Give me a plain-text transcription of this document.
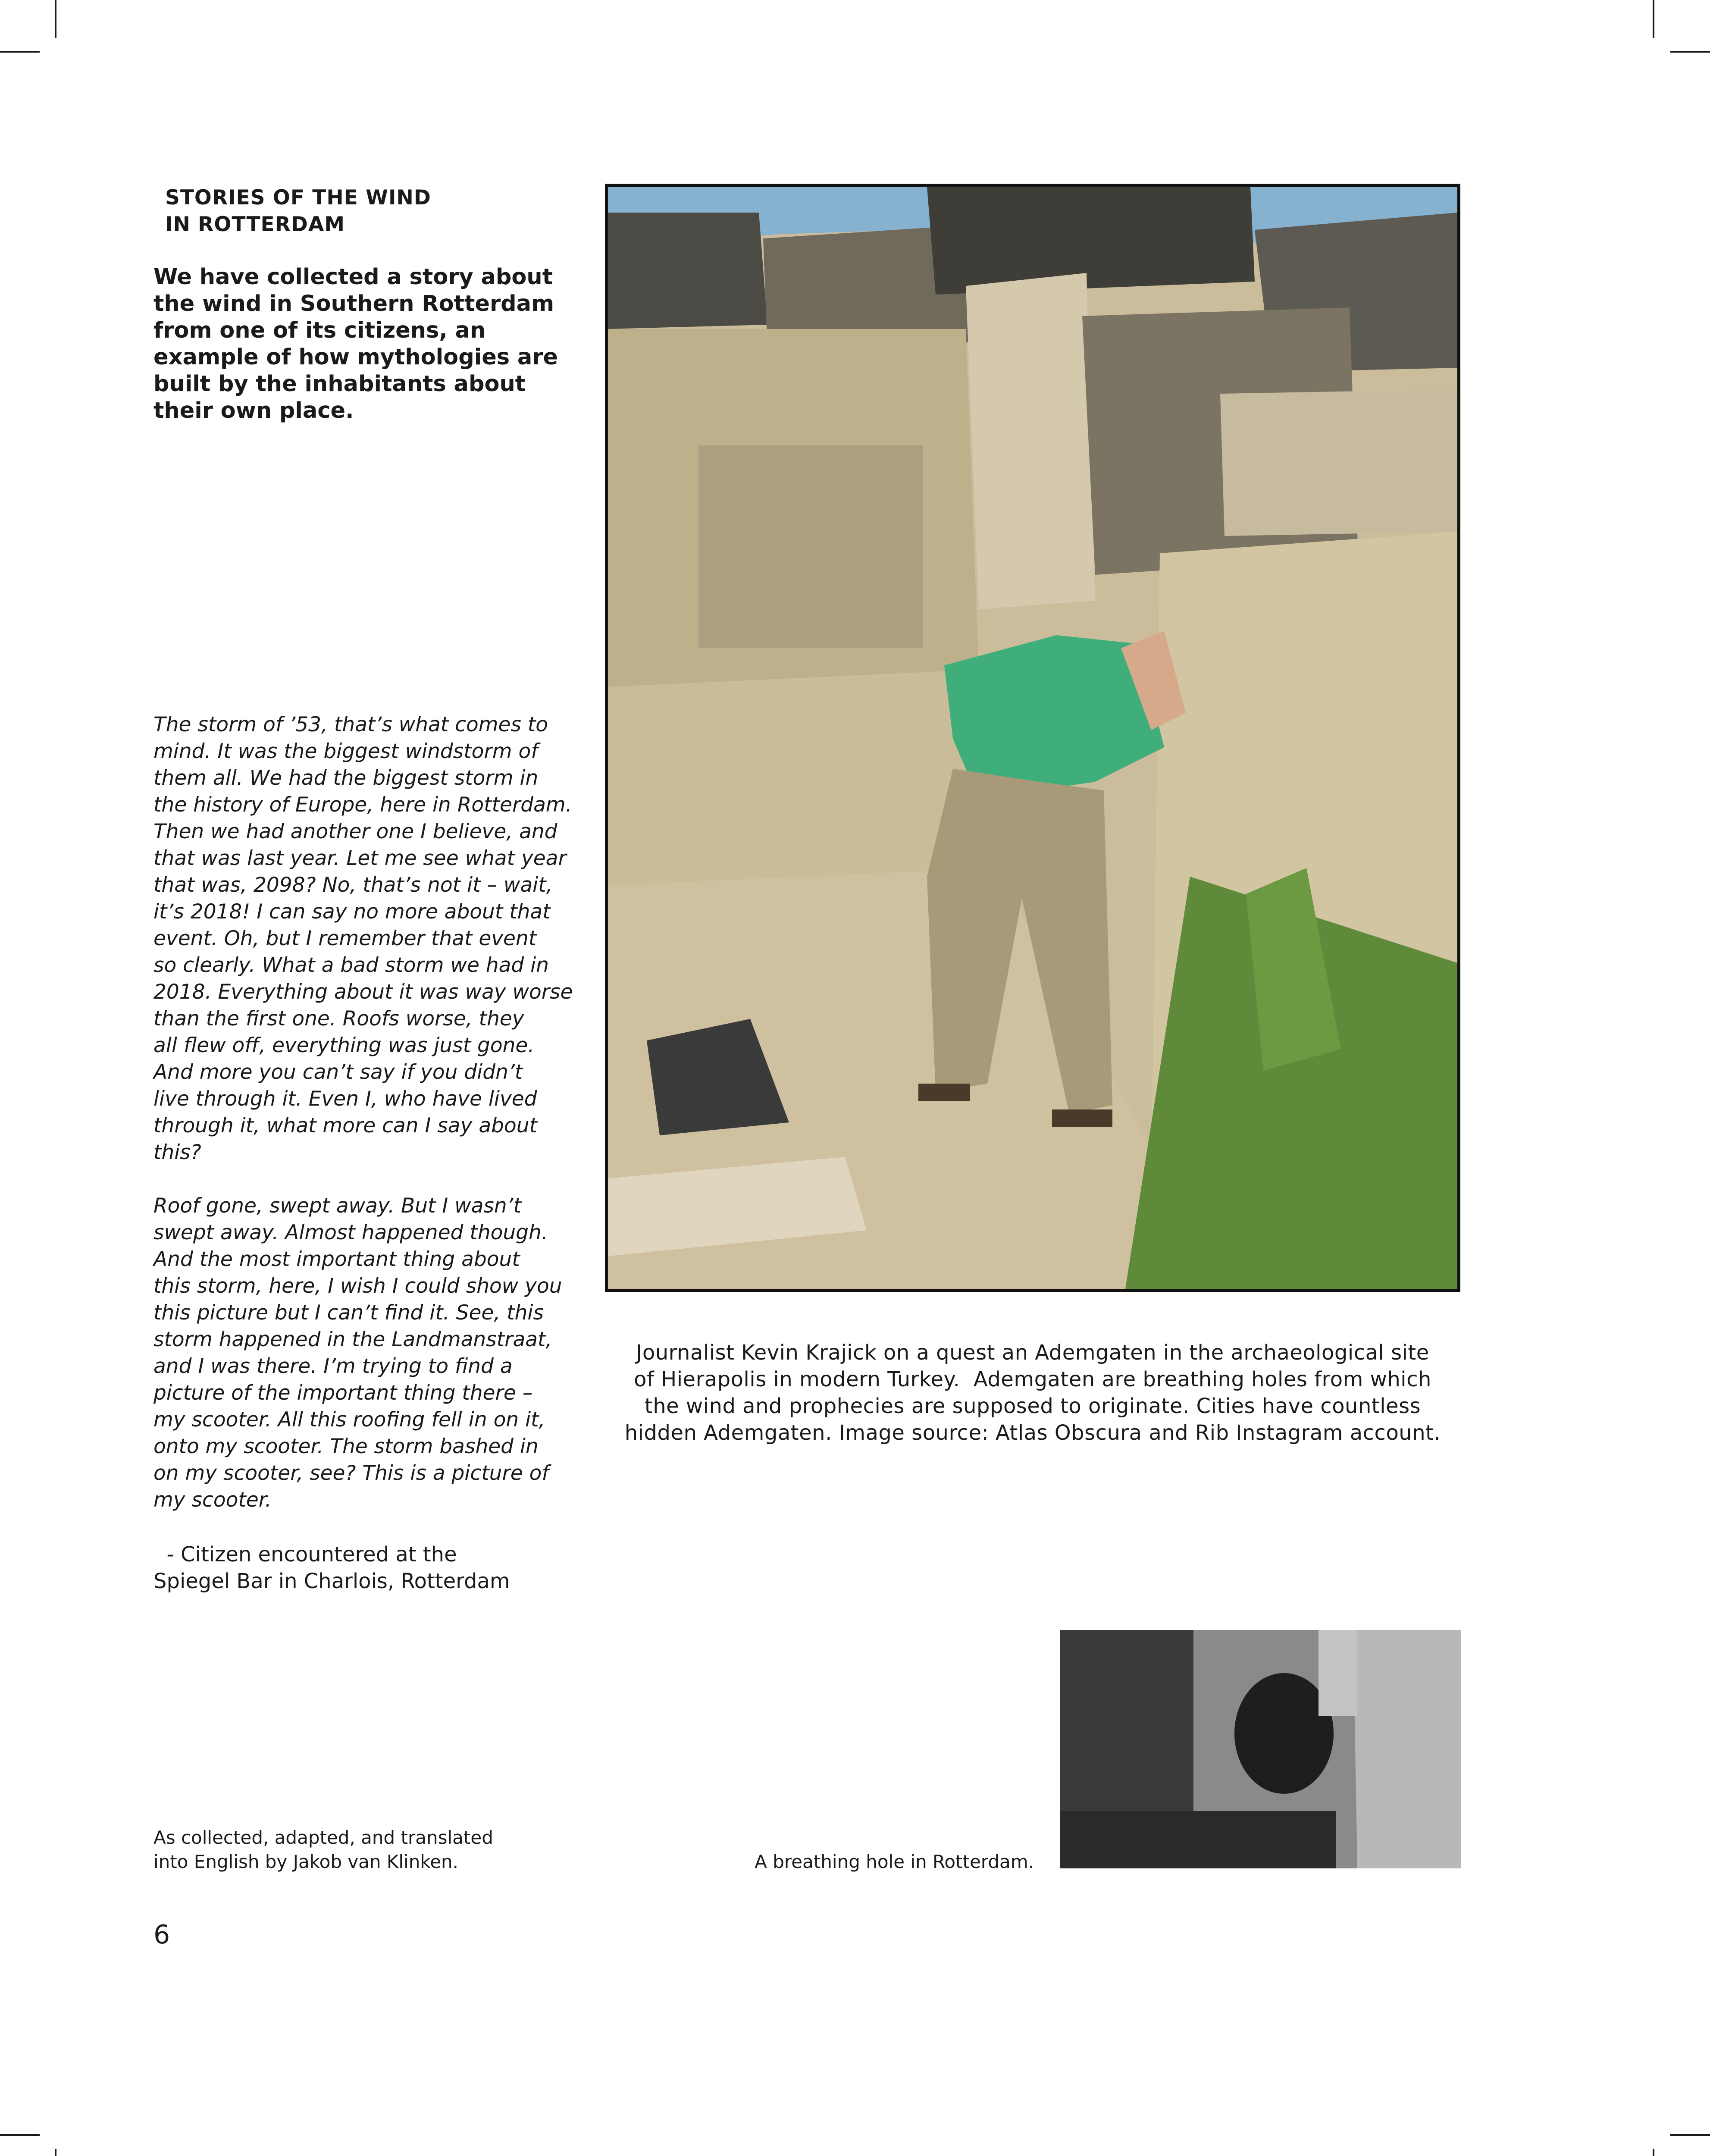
STORIES OF THE WIND
IN ROTTERDAM
We have collected a story about
the wind in Southern Rotterdam
from one of its citizens, an
example of how mythologies are
built by the inhabitants about
their own place.
The storm of ’53, that’s what comes to
mind. It was the biggest windstorm of
them all. We had the biggest storm in
the history of Europe, here in Rotterdam.
Then we had another one I believe, and
that was last year. Let me see what year
that was, 2098? No, that’s not it – wait,
it’s 2018! I can say no more about that
event. Oh, but I remember that event
so clearly. What a bad storm we had in
2018. Everything about it was way worse
than the first one. Roofs worse, they
all flew off, everything was just gone.
And more you can’t say if you didn’t
live through it. Even I, who have lived
through it, what more can I say about
this?
Roof gone, swept away. But I wasn’t
swept away. Almost happened though.
And the most important thing about
this storm, here, I wish I could show you
this picture but I can’t find it. See, this
storm happened in the Landmanstraat,
and I was there. I’m trying to find a
picture of the important thing there –
my scooter. All this roofing fell in on it,
onto my scooter. The storm bashed in
on my scooter, see? This is a picture of
my scooter.
- Citizen encountered at the
Spiegel Bar in Charlois, Rotterdam
As collected, adapted, and translated
into English by Jakob van Klinken.
6
Journalist Kevin Krajick on a quest an Ademgaten in the archaeological site
of Hierapolis in modern Turkey.  Ademgaten are breathing holes from which
the wind and prophecies are supposed to originate. Cities have countless
hidden Ademgaten. Image source: Atlas Obscura and Rib Instagram account.
A breathing hole in Rotterdam.
